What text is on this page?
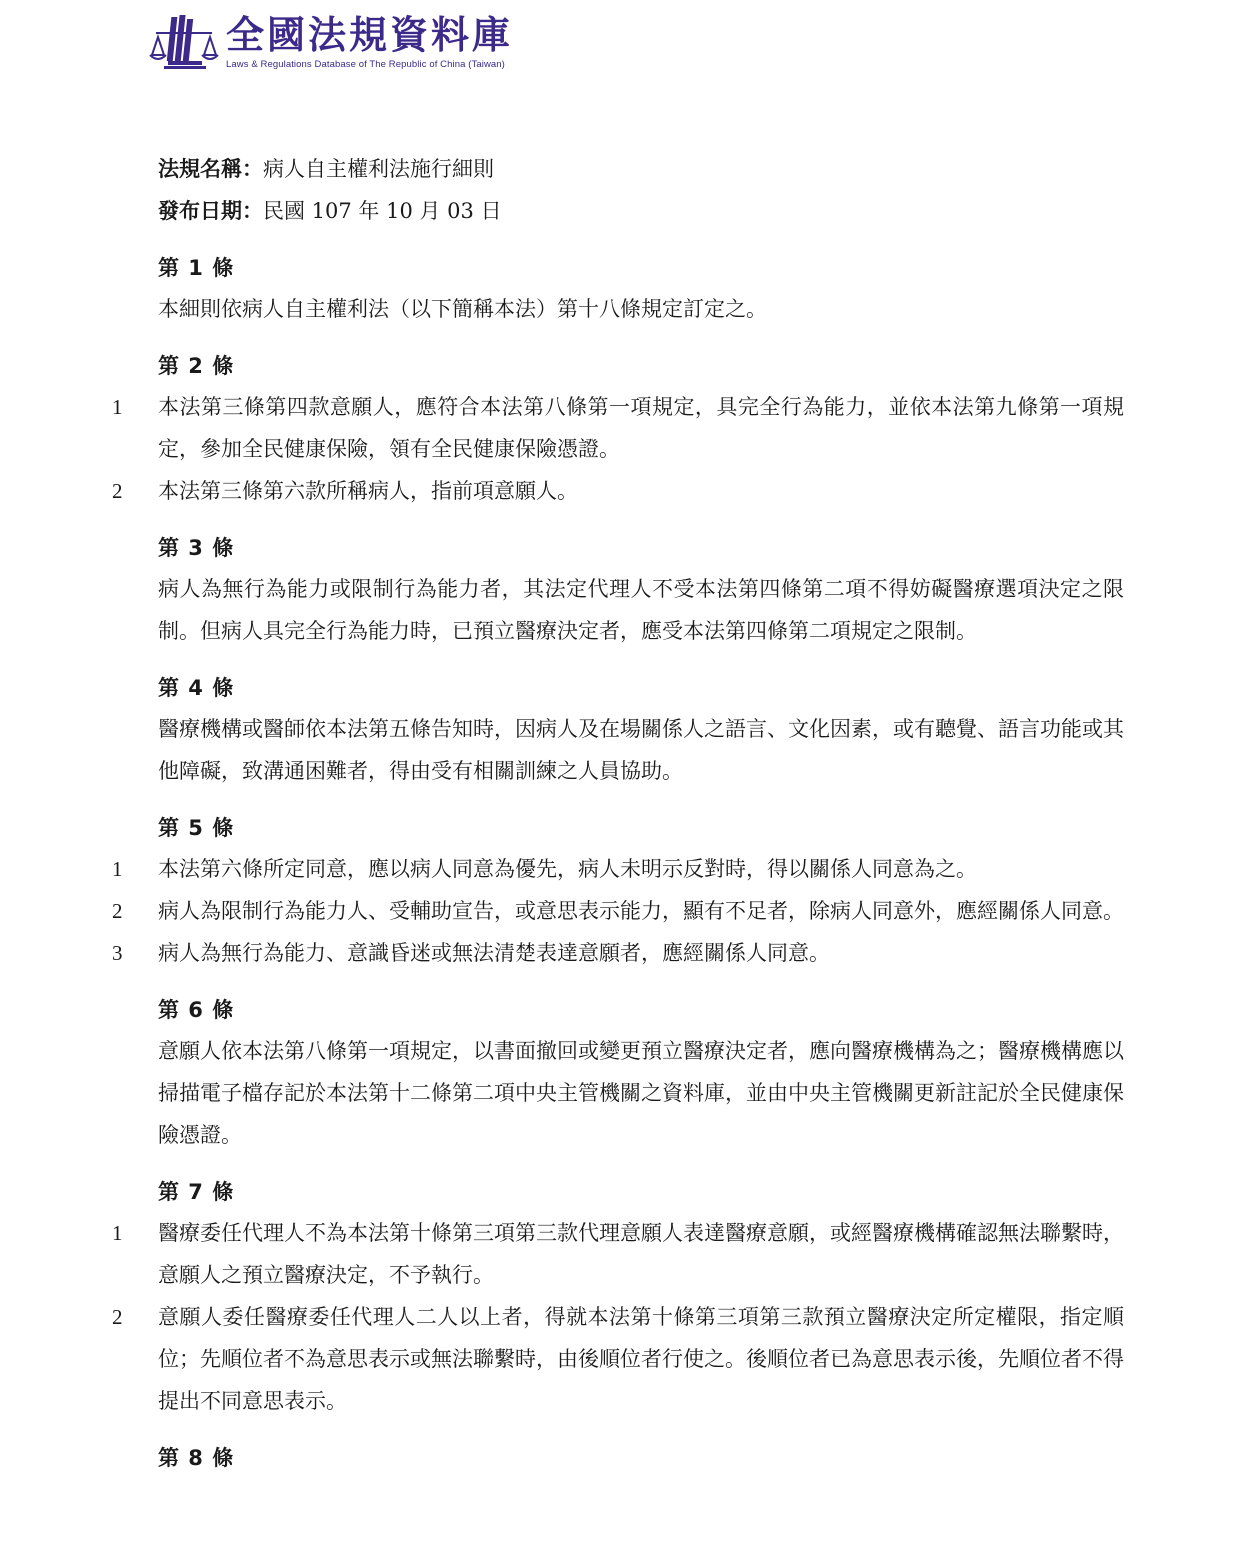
全國法規資料庫
Laws & Regulations Database of The Republic of China (Taiwan)
法規名稱：病人自主權利法施行細則
發布日期：民國 107 年 10 月 03 日
第 1 條
本細則依病人自主權利法（以下簡稱本法）第十八條規定訂定之。
第 2 條
1	本法第三條第四款意願人，應符合本法第八條第一項規定，具完全行為能力，並依本法第九條第一項規定，參加全民健康保險，領有全民健康保險憑證。
2	本法第三條第六款所稱病人，指前項意願人。
第 3 條
病人為無行為能力或限制行為能力者，其法定代理人不受本法第四條第二項不得妨礙醫療選項決定之限制。但病人具完全行為能力時，已預立醫療決定者，應受本法第四條第二項規定之限制。
第 4 條
醫療機構或醫師依本法第五條告知時，因病人及在場關係人之語言、文化因素，或有聽覺、語言功能或其他障礙，致溝通困難者，得由受有相關訓練之人員協助。
第 5 條
1	本法第六條所定同意，應以病人同意為優先，病人未明示反對時，得以關係人同意為之。
2	病人為限制行為能力人、受輔助宣告，或意思表示能力，顯有不足者，除病人同意外，應經關係人同意。
3	病人為無行為能力、意識昏迷或無法清楚表達意願者，應經關係人同意。
第 6 條
意願人依本法第八條第一項規定，以書面撤回或變更預立醫療決定者，應向醫療機構為之；醫療機構應以掃描電子檔存記於本法第十二條第二項中央主管機關之資料庫，並由中央主管機關更新註記於全民健康保險憑證。
第 7 條
1	醫療委任代理人不為本法第十條第三項第三款代理意願人表達醫療意願，或經醫療機構確認無法聯繫時，意願人之預立醫療決定，不予執行。
2	意願人委任醫療委任代理人二人以上者，得就本法第十條第三項第三款預立醫療決定所定權限，指定順位；先順位者不為意思表示或無法聯繫時，由後順位者行使之。後順位者已為意思表示後，先順位者不得提出不同意思表示。
第 8 條
